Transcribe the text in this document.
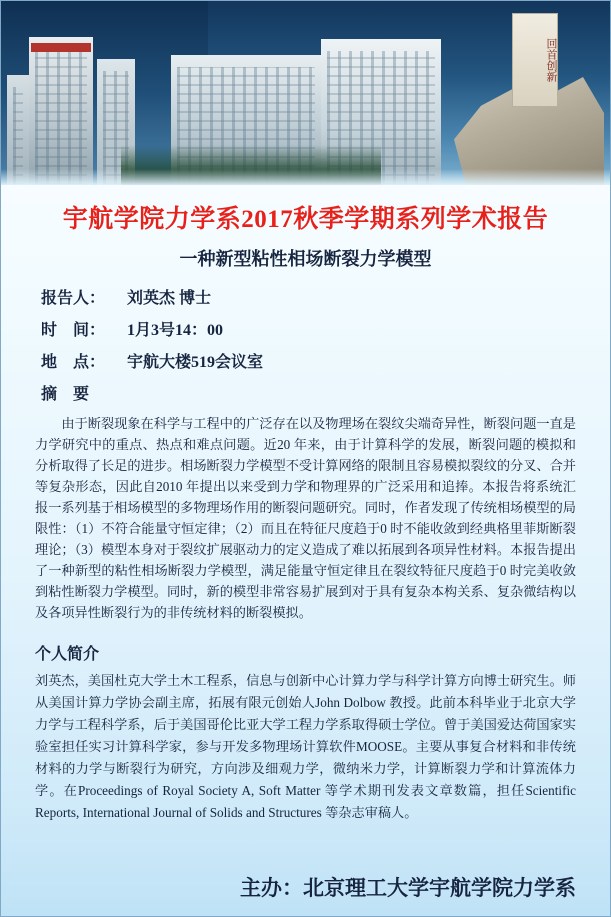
回首创新
宇航学院力学系2017秋季学期系列学术报告
一种新型粘性相场断裂力学模型
报告人：	刘英杰 博士
时　间：	1月3号14：00
地　点：	宇航大楼519会议室
摘　要
由于断裂现象在科学与工程中的广泛存在以及物理场在裂纹尖端奇异性，断裂问题一直是力学研究中的重点、热点和难点问题。近20 年来，由于计算科学的发展，断裂问题的模拟和分析取得了长足的进步。相场断裂力学模型不受计算网络的限制且容易模拟裂纹的分叉、合并等复杂形态，因此自2010 年提出以来受到力学和物理界的广泛采用和追捧。本报告将系统汇报一系列基于相场模型的多物理场作用的断裂问题研究。同时，作者发现了传统相场模型的局限性：（1）不符合能量守恒定律；（2）而且在特征尺度趋于0 时不能收敛到经典格里菲斯断裂理论；（3）模型本身对于裂纹扩展驱动力的定义造成了难以拓展到各项异性材料。本报告提出了一种新型的粘性相场断裂力学模型，满足能量守恒定律且在裂纹特征尺度趋于0 时完美收敛到粘性断裂力学模型。同时，新的模型非常容易扩展到对于具有复杂本构关系、复杂微结构以及各项异性断裂行为的非传统材料的断裂模拟。
个人简介
刘英杰，美国杜克大学土木工程系，信息与创新中心计算力学与科学计算方向博士研究生。师从美国计算力学协会副主席，拓展有限元创始人John Dolbow 教授。此前本科毕业于北京大学力学与工程科学系，后于美国哥伦比亚大学工程力学系取得硕士学位。曾于美国爱达荷国家实验室担任实习计算科学家，参与开发多物理场计算软件MOOSE。主要从事复合材料和非传统材料的力学与断裂行为研究，方向涉及细观力学，微纳米力学，计算断裂力学和计算流体力学。在Proceedings of Royal Society A, Soft Matter 等学术期刊发表文章数篇，担任Scientific Reports, International Journal of Solids and Structures 等杂志审稿人。
主办：北京理工大学宇航学院力学系
